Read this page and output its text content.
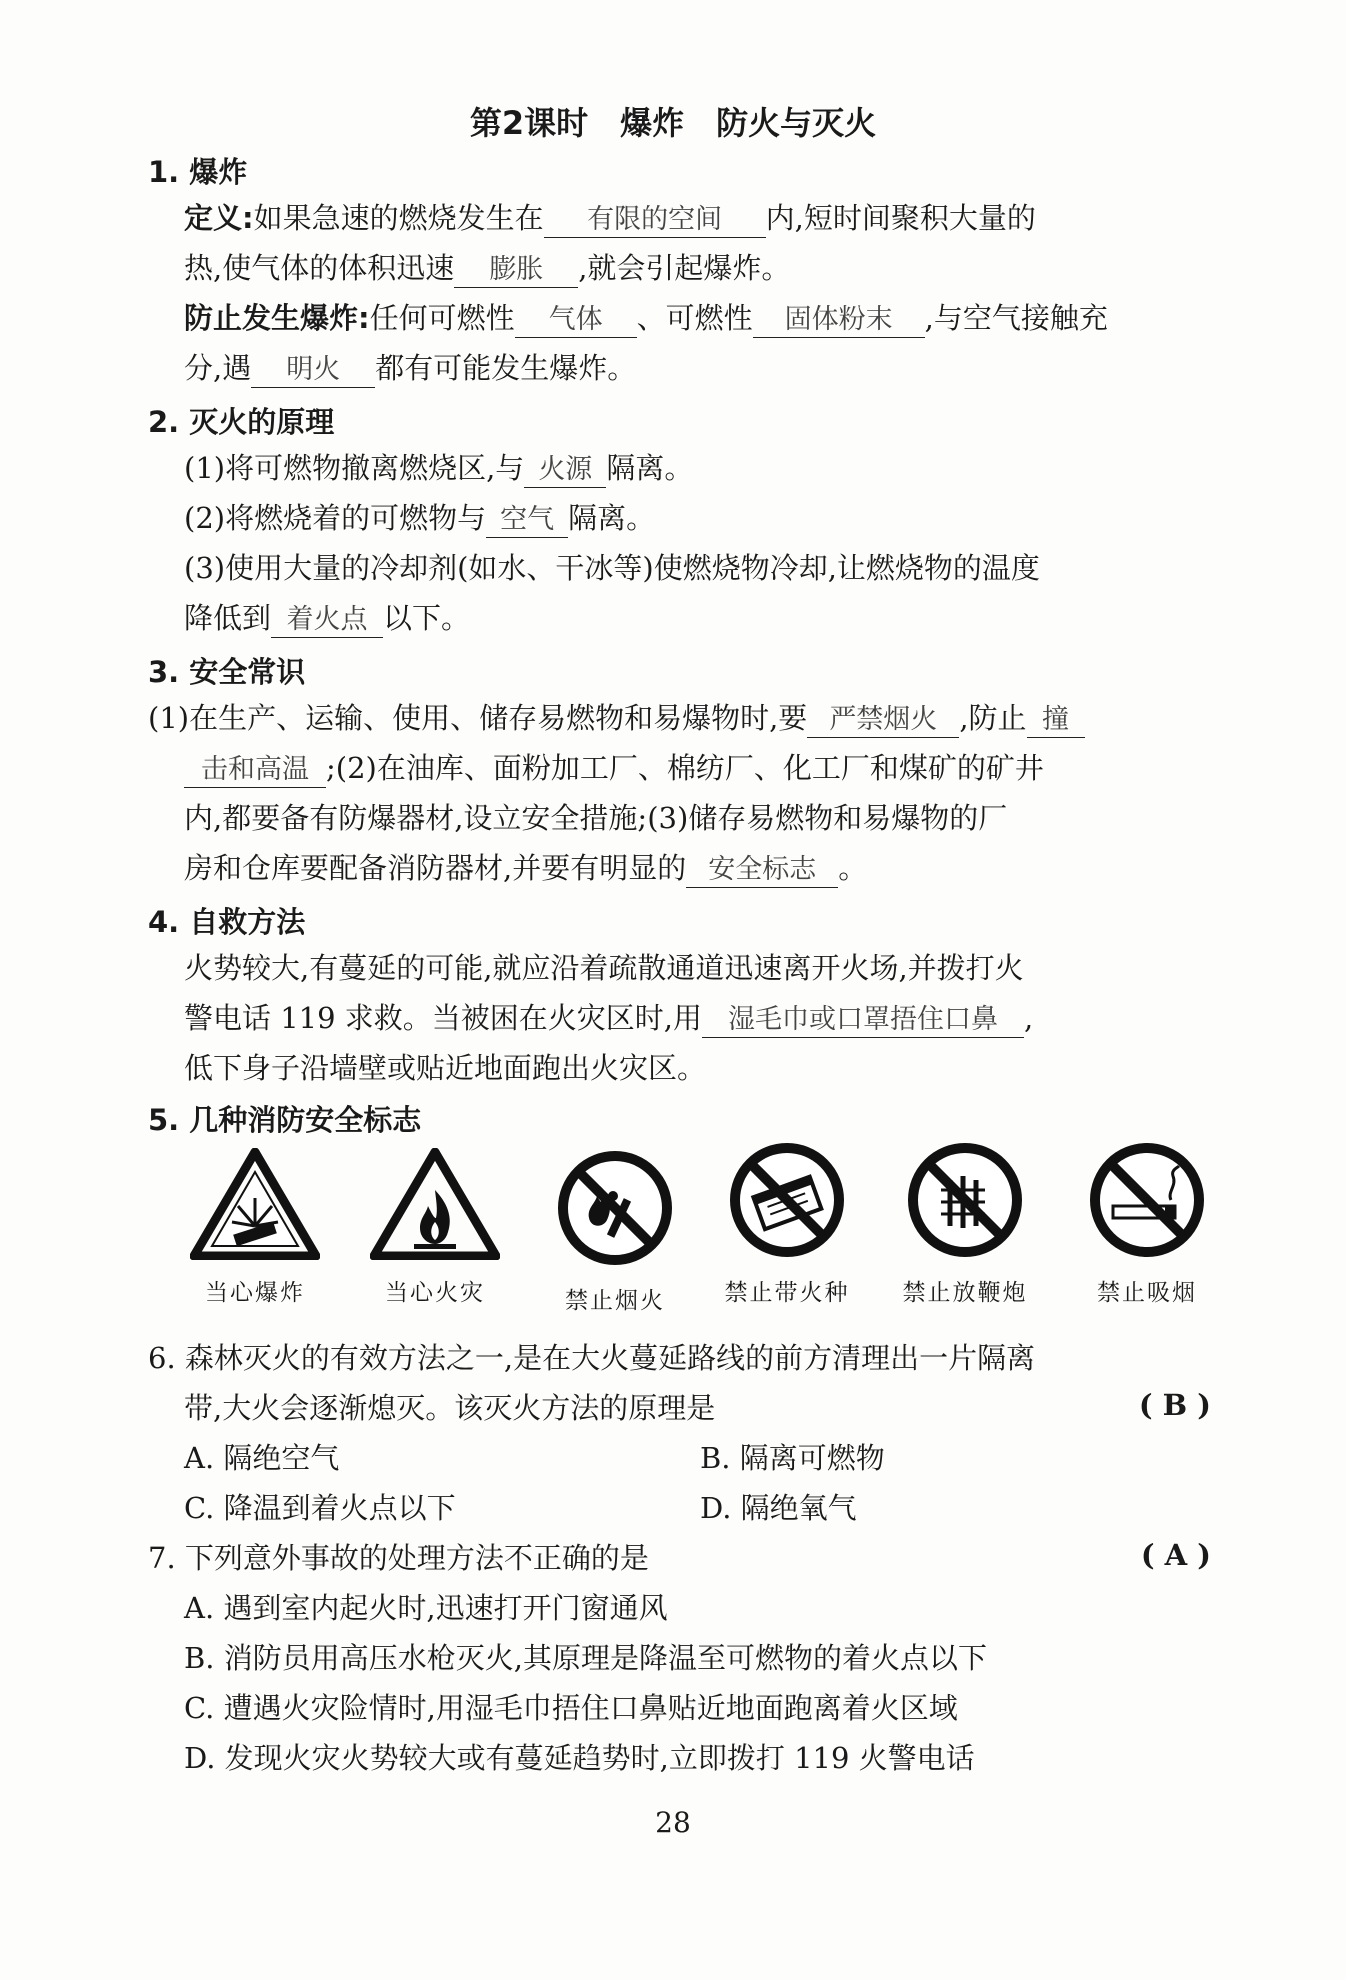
第2课时　爆炸　防火与灭火
1. 爆炸
定义:如果急速的燃烧发生在 有限的空间 内,短时间聚积大量的
热,使气体的体积迅速 膨胀 ,就会引起爆炸。
防止发生爆炸:任何可燃性 气体 、可燃性 固体粉末 ,与空气接触充
分,遇 明火 都有可能发生爆炸。
2. 灭火的原理
(1)将可燃物撤离燃烧区,与 火源 隔离。
(2)将燃烧着的可燃物与 空气 隔离。
(3)使用大量的冷却剂(如水、干冰等)使燃烧物冷却,让燃烧物的温度
降低到 着火点 以下。
3. 安全常识
(1)在生产、运输、使用、储存易燃物和易爆物时,要 严禁烟火 ,防止 撞
击和高温 ;(2)在油库、面粉加工厂、棉纺厂、化工厂和煤矿的矿井
内,都要备有防爆器材,设立安全措施;(3)储存易燃物和易爆物的厂
房和仓库要配备消防器材,并要有明显的 安全标志 。
4. 自救方法
火势较大,有蔓延的可能,就应沿着疏散通道迅速离开火场,并拨打火
警电话 119 求救。当被困在火灾区时,用 湿毛巾或口罩捂住口鼻 ,
低下身子沿墙壁或贴近地面跑出火灾区。
5. 几种消防安全标志
当心爆炸	当心火灾	禁止烟火	禁止带火种	禁止放鞭炮	禁止吸烟
6. 森林灭火的有效方法之一,是在大火蔓延路线的前方清理出一片隔离
带,大火会逐渐熄灭。该灭火方法的原理是	( B )
A. 隔绝空气	B. 隔离可燃物
C. 降温到着火点以下	D. 隔绝氧气
7. 下列意外事故的处理方法不正确的是	( A )
A. 遇到室内起火时,迅速打开门窗通风
B. 消防员用高压水枪灭火,其原理是降温至可燃物的着火点以下
C. 遭遇火灾险情时,用湿毛巾捂住口鼻贴近地面跑离着火区域
D. 发现火灾火势较大或有蔓延趋势时,立即拨打 119 火警电话
28
